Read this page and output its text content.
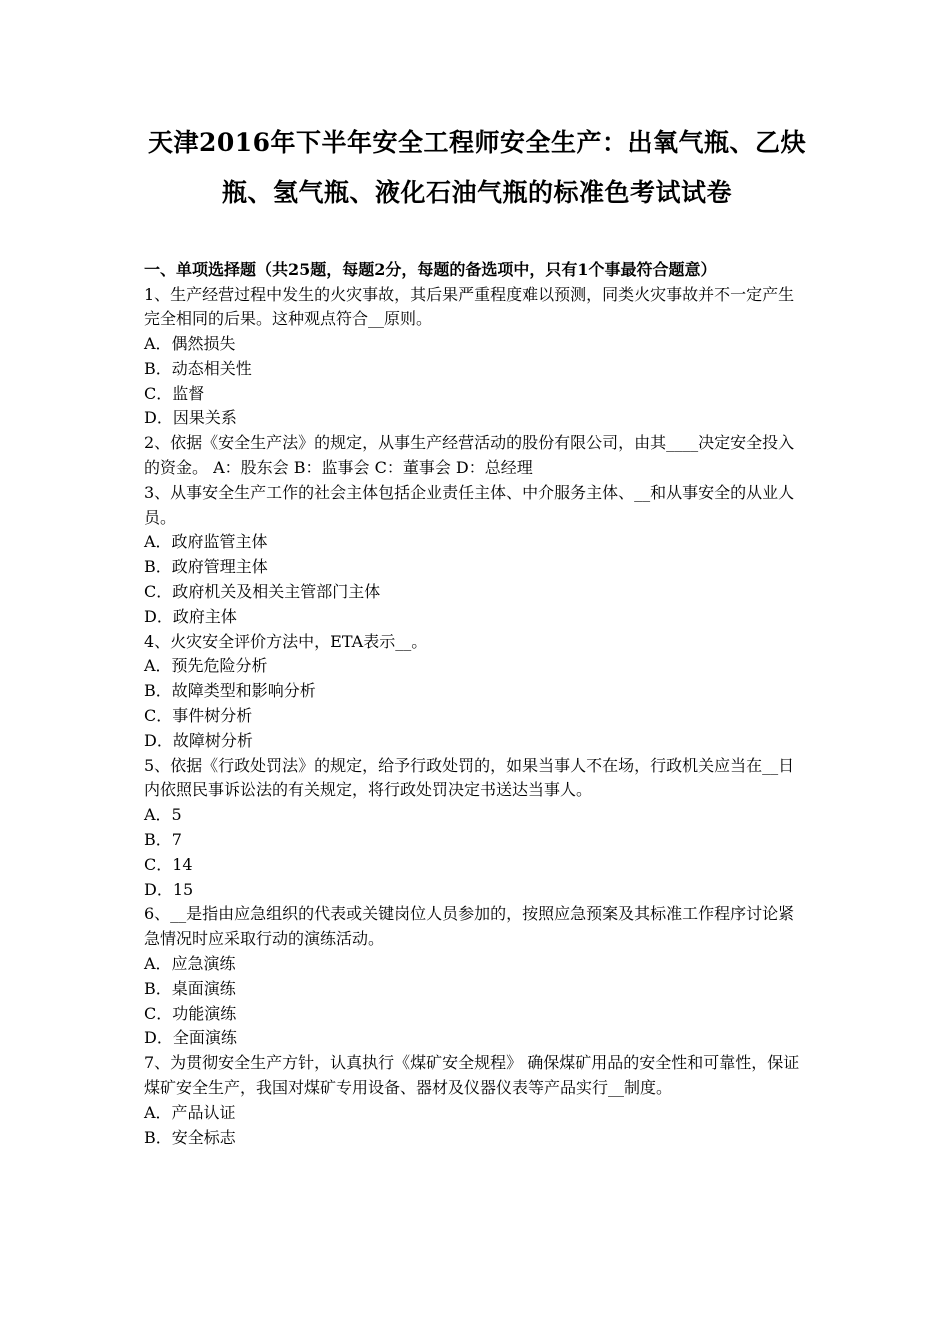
天津2016年下半年安全工程师安全生产：出氧气瓶、乙炔
瓶、氢气瓶、液化石油气瓶的标准色考试试卷

一、单项选择题（共25题，每题2分，每题的备选项中，只有1个事最符合题意）

1、生产经营过程中发生的火灾事故，其后果严重程度难以预测，同类火灾事故并不一定产生完全相同的后果。这种观点符合__原则。

A．偶然损失
B．动态相关性
C．监督
D．因果关系

2、依据《安全生产法》的规定，从事生产经营活动的股份有限公司，由其____决定安全投入的资金。 A：股东会 B：监事会 C：董事会 D：总经理

3、从事安全生产工作的社会主体包括企业责任主体、中介服务主体、__和从事安全的从业人员。

A．政府监管主体
B．政府管理主体
C．政府机关及相关主管部门主体
D．政府主体

4、火灾安全评价方法中，ETA表示__。

A．预先危险分析
B．故障类型和影响分析
C．事件树分析
D．故障树分析

5、依据《行政处罚法》的规定，给予行政处罚的，如果当事人不在场，行政机关应当在__日内依照民事诉讼法的有关规定，将行政处罚决定书送达当事人。

A．5
B．7
C．14
D．15

6、__是指由应急组织的代表或关键岗位人员参加的，按照应急预案及其标准工作程序讨论紧急情况时应采取行动的演练活动。

A．应急演练
B．桌面演练
C．功能演练
D．全面演练

7、为贯彻安全生产方针，认真执行《煤矿安全规程》 确保煤矿用品的安全性和可靠性，保证煤矿安全生产，我国对煤矿专用设备、器材及仪器仪表等产品实行__制度。

A．产品认证
B．安全标志
